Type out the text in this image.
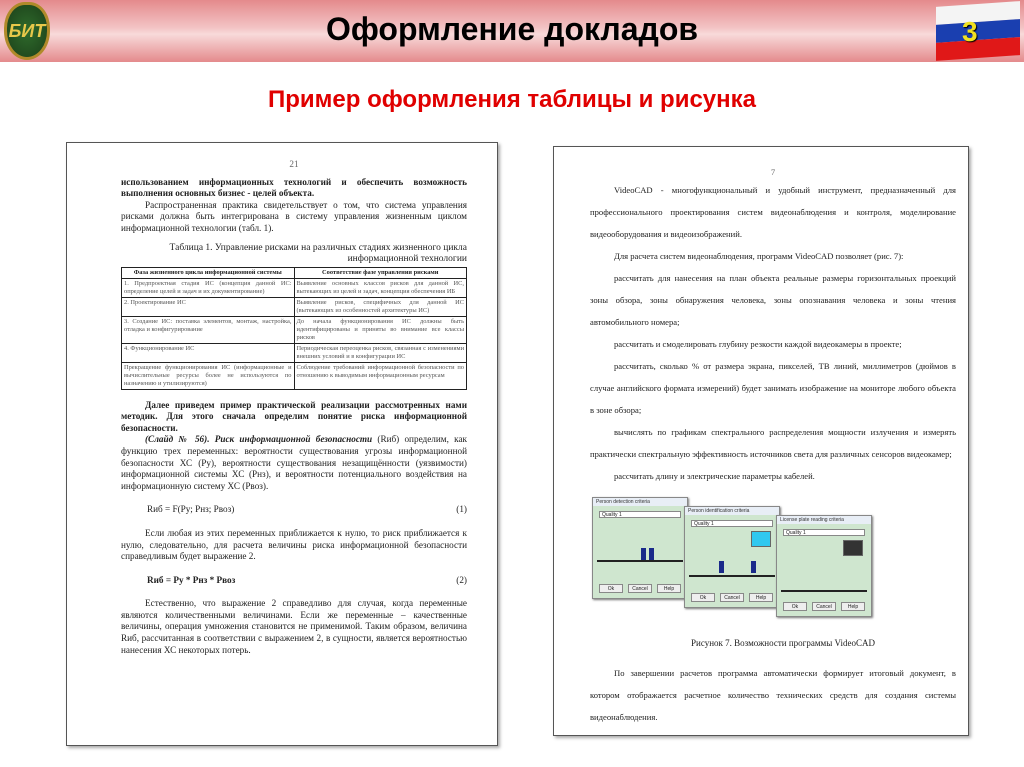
БИТ	Оформление докладов	3
Пример оформления таблицы и рисунка
21

использованием информационных технологий и обеспечить возможность выполнения основных бизнес - целей объекта.

Распространенная практика свидетельствует о том, что система управления рисками должна быть интегрирована в систему управления жизненным циклом информационной технологии (табл. 1).

Таблица 1. Управление рисками на различных стадиях жизненного цикла информационной технологии

Фаза жизненного цикла информационной системы	Соответствие фазе управления рисками
1. Предпроектная стадия ИС (концепция данной ИС: определение целей и задач и их документирование)	Выявление основных классов рисков для данной ИС, вытекающих из целей и задач, концепция обеспечения ИБ
2. Проектирование ИС	Выявление рисков, специфичных для данной ИС (вытекающих из особенностей архитектуры ИС)
3. Создание ИС: поставка элементов, монтаж, настройка, отладка и конфигурирование	До начала функционирования ИС должны быть идентифицированы и приняты во внимание все классы рисков
4. Функционирование ИС	Периодическая переоценка рисков, связанная с изменениями внешних условий и в конфигурации ИС
Прекращение функционирования ИС (информационные и вычислительные ресурсы более не используются по назначению и утилизируются)	Соблюдение требований информационной безопасности по отношению к выводимым информационным ресурсам

Далее приведем пример практической реализации рассмотренных нами методик. Для этого сначала определим понятие риска информационной безопасности.

(Слайд № 56). Риск информационной безопасности (Rиб) определим, как функцию трех переменных: вероятности существования угрозы информационной безопасности ХС (Pу), вероятности существования незащищённости (уязвимости) информационной системы ХС (Pнз), и вероятности потенциального воздействия на информационную систему ХС (Pвоз).

Rиб = F(Pу; Pнз; Pвоз)	(1)

Если любая из этих переменных приближается к нулю, то риск приближается к нулю, следовательно, для расчета величины риска информационной безопасности справедливым будет выражение 2.

Rиб = Pу * Pнз * Pвоз	(2)

Естественно, что выражение 2 справедливо для случая, когда переменные являются количественными величинами. Если же переменные – качественные величины, операция умножения становится не применимой. Таким образом, величина Rиб, рассчитанная в соответствии с выражением 2, в сущности, является вероятностью нанесения ХС некоторых потерь.

7

VideoCAD - многофункциональный и удобный инструмент, предназначенный для профессионального проектирования систем видеонаблюдения и контроля, моделирование видеооборудования и видеоизображений.

Для расчета систем видеонаблюдения, программ VideoCAD позволяет (рис. 7):

рассчитать для нанесения на план объекта реальные размеры горизонтальных проекций зоны обзора, зоны обнаружения человека, зоны опознавания человека и зоны чтения автомобильного номера;

рассчитать и смоделировать глубину резкости каждой видеокамеры в проекте;

рассчитать, сколько % от размера экрана, пикселей, ТВ линий, миллиметров (дюймов в случае английского формата измерений) будет занимать изображение на мониторе любого объекта в зоне обзора;

вычислять по графикам спектрального распределения мощности излучения и измерять практически спектральную эффективность источников света для различных сенсоров видеокамер;

рассчитать длину и электрические параметры кабелей.

Person detection criteria
Quality 1
Ok	Cancel	Help
Person identification criteria
Quality 1
Ok	Cancel	Help
License plate reading criteria
Quality 1
Ok	Cancel	Help

Рисунок 7. Возможности программы VideoCAD

По завершении расчетов программа автоматически формирует итоговый документ, в котором отображается расчетное количество технических средств для создания системы видеонаблюдения.
